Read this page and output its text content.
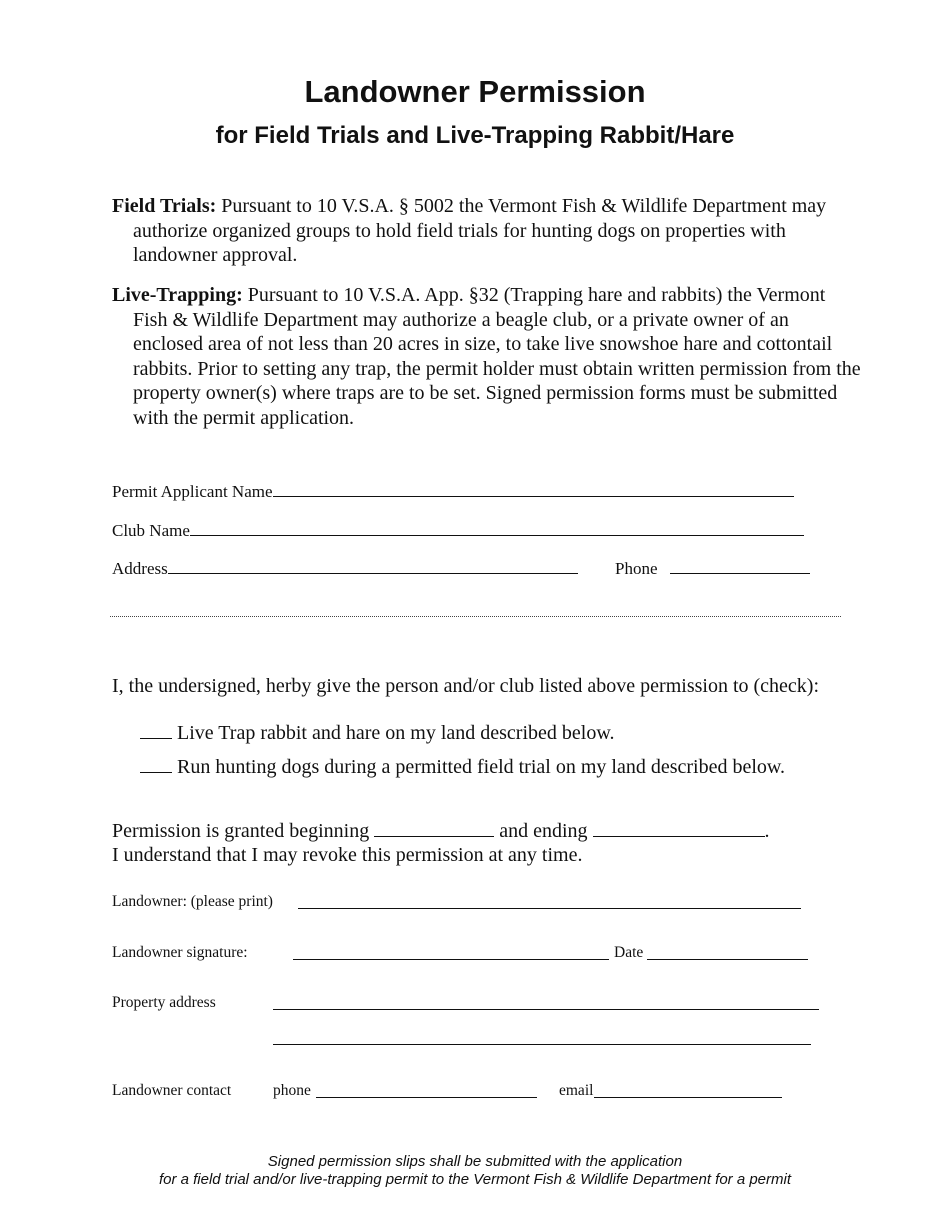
Landowner Permission
for Field Trials and Live-Trapping Rabbit/Hare
Field Trials: Pursuant to 10 V.S.A. § 5002 the Vermont Fish & Wildlife Department may authorize organized groups to hold field trials for hunting dogs on properties with landowner approval.
Live-Trapping: Pursuant to 10 V.S.A. App. §32 (Trapping hare and rabbits) the Vermont Fish & Wildlife Department may authorize a beagle club, or a private owner of an enclosed area of not less than 20 acres in size, to take live snowshoe hare and cottontail rabbits. Prior to setting any trap, the permit holder must obtain written permission from the property owner(s) where traps are to be set. Signed permission forms must be submitted with the permit application.
Permit Applicant Name
Club Name
Address	Phone
I, the undersigned, herby give the person and/or club listed above permission to (check):
Live Trap rabbit and hare on my land described below.
Run hunting dogs during a permitted field trial on my land described below.
Permission is granted beginning	and ending	.
I understand that I may revoke this permission at any time.
Landowner: (please print)
Landowner signature:	Date
Property address
Landowner contact	phone	email
Signed permission slips shall be submitted with the application
for a field trial and/or live-trapping permit to the Vermont Fish & Wildlife Department for a permit
